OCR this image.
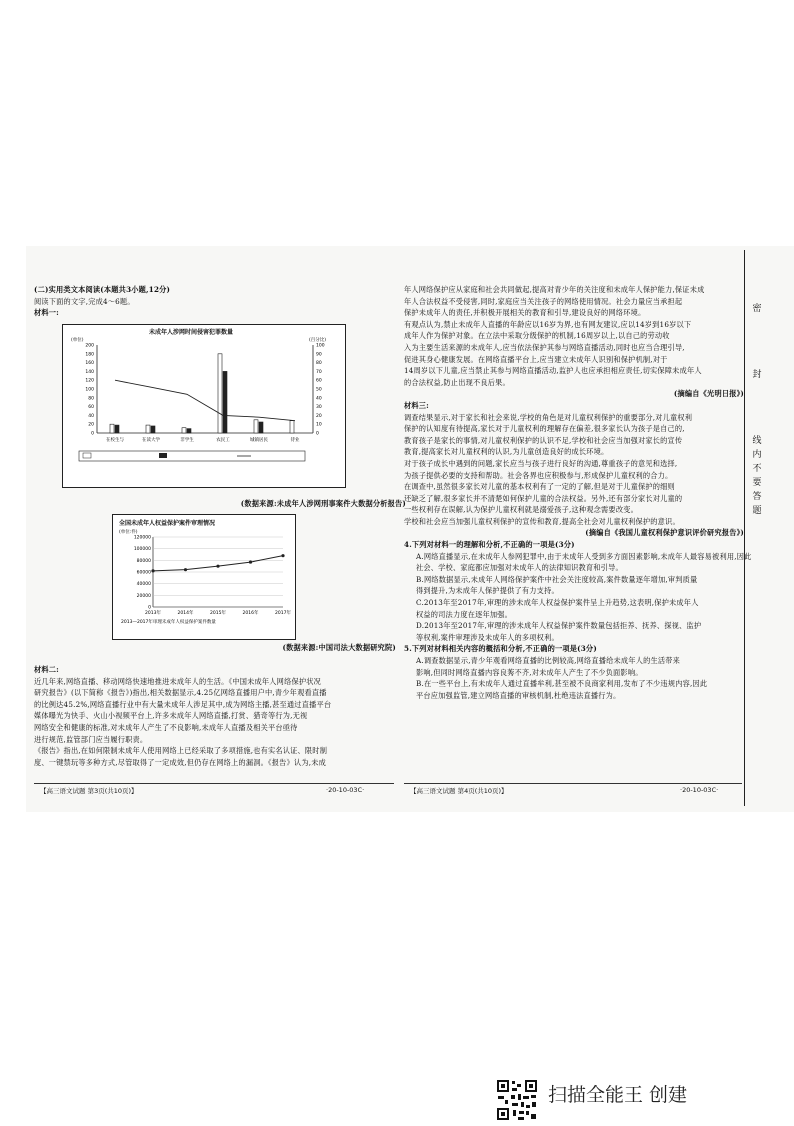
(二)实用类文本阅读(本题共3小题,12分)

阅读下面的文字,完成4～6题。

材料一:

未成年人涉网时间侵害犯罪数量
(单位)	(百分比)
0	0
20	10
40	20
60	30
80	40
100	50
120	60
140	70
160	80
180	90
200	100
在校生与	在读大学	非学生	农民工	城镇居民	待业

(数据来源:未成年人涉网刑事案件大数据分析报告)

全国未成年人权益保护案件审理情况
(单位:件)
0
20000
40000
60000
80000
100000
120000
2013年	2014年	2015年	2016年	2017年
2013—2017年审理未成年人权益保护案件数量

(数据来源:中国司法大数据研究院)

材料二:

近几年来,网络直播、移动网络快速地推进未成年人的生活。《中国未成年人网络保护状况

研究报告》(以下简称《报告》)指出,相关数据显示,4.25亿网络直播用户中,青少年观看直播

的比例达45.2%,网络直播行业中有大量未成年人涉足其中,成为网络主播,甚至通过直播平台

媒体曝光为快手、火山小视频平台上,许多未成年人网络直播,打赏、猎奇等行为,无视

网络安全和健康的标准,对未成年人产生了不良影响,未成年人直播及相关平台亟待

进行规范,监管部门应当履行职责。

《报告》指出,在如何限制未成年人使用网络上已经采取了多项措施,也有实名认证、限时制

度、一键禁玩等多种方式,尽管取得了一定成效,但仍存在网络上的漏洞。《报告》认为,未成

【高三语文试题 第3页(共10页)】	·20-10-03C·

年人网络保护应从家庭和社会共同做起,提高对青少年的关注度和未成年人保护能力,保证未成

年人合法权益不受侵害,同时,家庭应当关注孩子的网络使用情况。社会力量应当承担起

保护未成年人的责任,并积极开展相关的教育和引导,建设良好的网络环境。

有观点认为,禁止未成年人直播的年龄应以16岁为界,也有网友建议,应以14岁到16岁以下

成年人作为保护对象。在立法中采取分级保护的机制,16周岁以上,以自己的劳动收

入为主要生活来源的未成年人,应当依法保护其参与网络直播活动,同时也应当合理引导,

促进其身心健康发展。在网络直播平台上,应当建立未成年人识别和保护机制,对于

14周岁以下儿童,应当禁止其参与网络直播活动,监护人也应承担相应责任,切实保障未成年人

的合法权益,防止出现不良后果。

(摘编自《光明日报》)

材料三:

调查结果显示,对于家长和社会来说,学校的角色是对儿童权利保护的重要部分,对儿童权利

保护的认知度有待提高,家长对于儿童权利的理解存在偏差,很多家长认为孩子是自己的,

教育孩子是家长的事情,对儿童权利保护的认识不足,学校和社会应当加强对家长的宣传

教育,提高家长对儿童权利的认识,为儿童创造良好的成长环境。

对于孩子成长中遇到的问题,家长应当与孩子进行良好的沟通,尊重孩子的意见和选择,

为孩子提供必要的支持和帮助。社会各界也应积极参与,形成保护儿童权利的合力。

在调查中,虽然很多家长对儿童的基本权利有了一定的了解,但是对于儿童保护的细则

还缺乏了解,很多家长并不清楚如何保护儿童的合法权益。另外,还有部分家长对儿童的

一些权利存在误解,认为保护儿童权利就是溺爱孩子,这种观念需要改变。

学校和社会应当加强儿童权利保护的宣传和教育,提高全社会对儿童权利保护的意识。

(摘编自《我国儿童权利保护意识评价研究报告》)

4.下列对材料一的理解和分析,不正确的一项是(3分)

A.网络直播显示,在未成年人参网犯罪中,由于未成年人受到多方面因素影响,未成年人最容易被利用,因此

社会、学校、家庭都应加强对未成年人的法律知识教育和引导。

B.网络数据显示,未成年人网络保护案件中社会关注度较高,案件数量逐年增加,审判质量

得到提升,为未成年人保护提供了有力支持。

C.2013年至2017年,审理的涉未成年人权益保护案件呈上升趋势,这表明,保护未成年人

权益的司法力度在逐年加强。

D.2013年至2017年,审理的涉未成年人权益保护案件数量包括拒养、抚养、探视、监护

等权利,案件审理涉及未成年人的多项权利。

5.下列对材料相关内容的概括和分析,不正确的一项是(3分)

A.调查数据显示,青少年观看网络直播的比例较高,网络直播给未成年人的生活带来

影响,但同时网络直播内容良莠不齐,对未成年人产生了不少负面影响。

B.在一些平台上,有未成年人通过直播牟利,甚至被不良商家利用,发布了不少违规内容,因此

平台应加强监管,建立网络直播的审核机制,杜绝违法直播行为。

【高三语文试题 第4页(共10页)】	·20-10-03C·
密
封
线
内
不
要
答
题
扫描全能王 创建
